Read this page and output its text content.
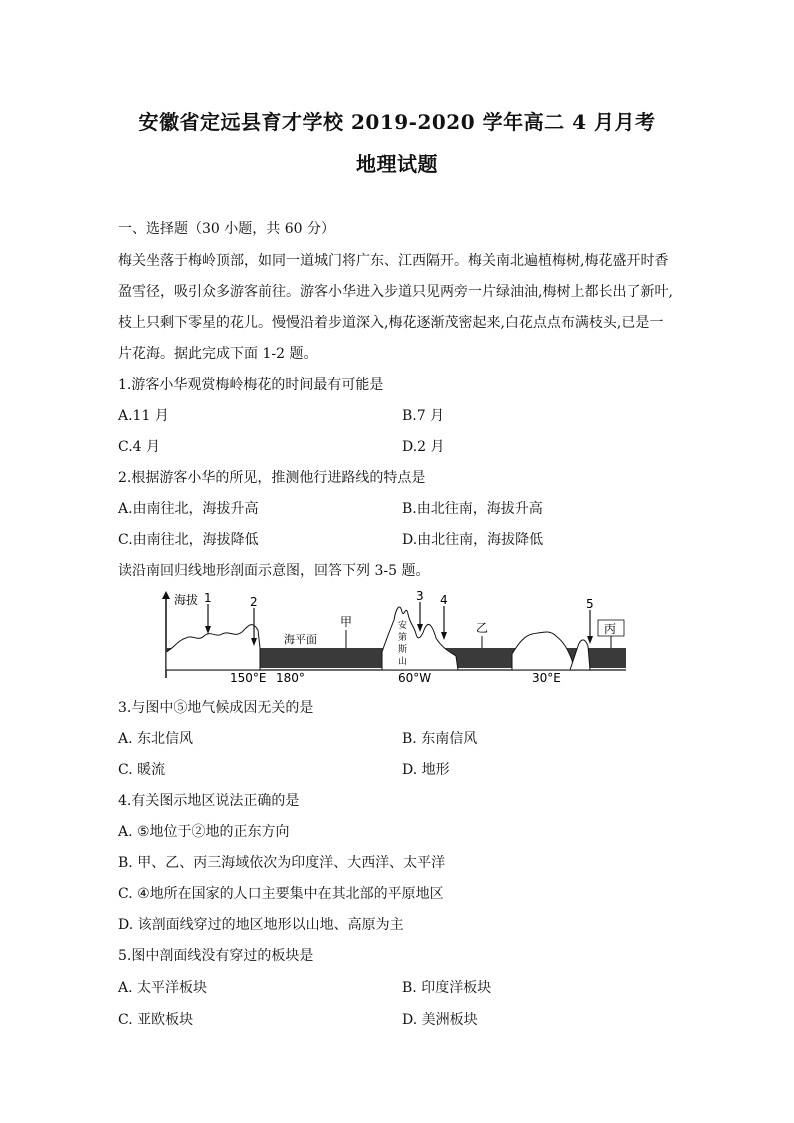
安徽省定远县育才学校 2019-2020 学年高二 4 月月考
地理试题
一、选择题（30 小题，共 60 分）
梅关坐落于梅岭顶部，如同一道城门将广东、江西隔开。梅关南北遍植梅树,梅花盛开时香
盈雪径，吸引众多游客前往。游客小华进入步道只见两旁一片绿油油,梅树上都长出了新叶,
枝上只剩下零星的花儿。慢慢沿着步道深入,梅花逐渐茂密起来,白花点点布满枝头,已是一
片花海。据此完成下面 1-2 题。
1.游客小华观赏梅岭梅花的时间最有可能是
A.11 月	B.7 月
C.4 月	D.2 月
2.根据游客小华的所见，推测他行进路线的特点是
A.由南往北，海拔升高	B.由北往南，海拔升高
C.由南往北，海拔降低	D.由北往南，海拔降低
读沿南回归线地形剖面示意图，回答下列 3-5 题。
海拔
海平面
安
第
斯
山
1	2	3 4	5
甲	乙	丙
150°E 180°	60°W	30°E
3.与图中⑤地气候成因无关的是
A. 东北信风	B. 东南信风
C. 暖流	D. 地形
4.有关图示地区说法正确的是
A. ⑤地位于②地的正东方向
B. 甲、乙、丙三海域依次为印度洋、大西洋、太平洋
C. ④地所在国家的人口主要集中在其北部的平原地区
D. 该剖面线穿过的地区地形以山地、高原为主
5.图中剖面线没有穿过的板块是
A. 太平洋板块	B. 印度洋板块
C. 亚欧板块	D. 美洲板块
